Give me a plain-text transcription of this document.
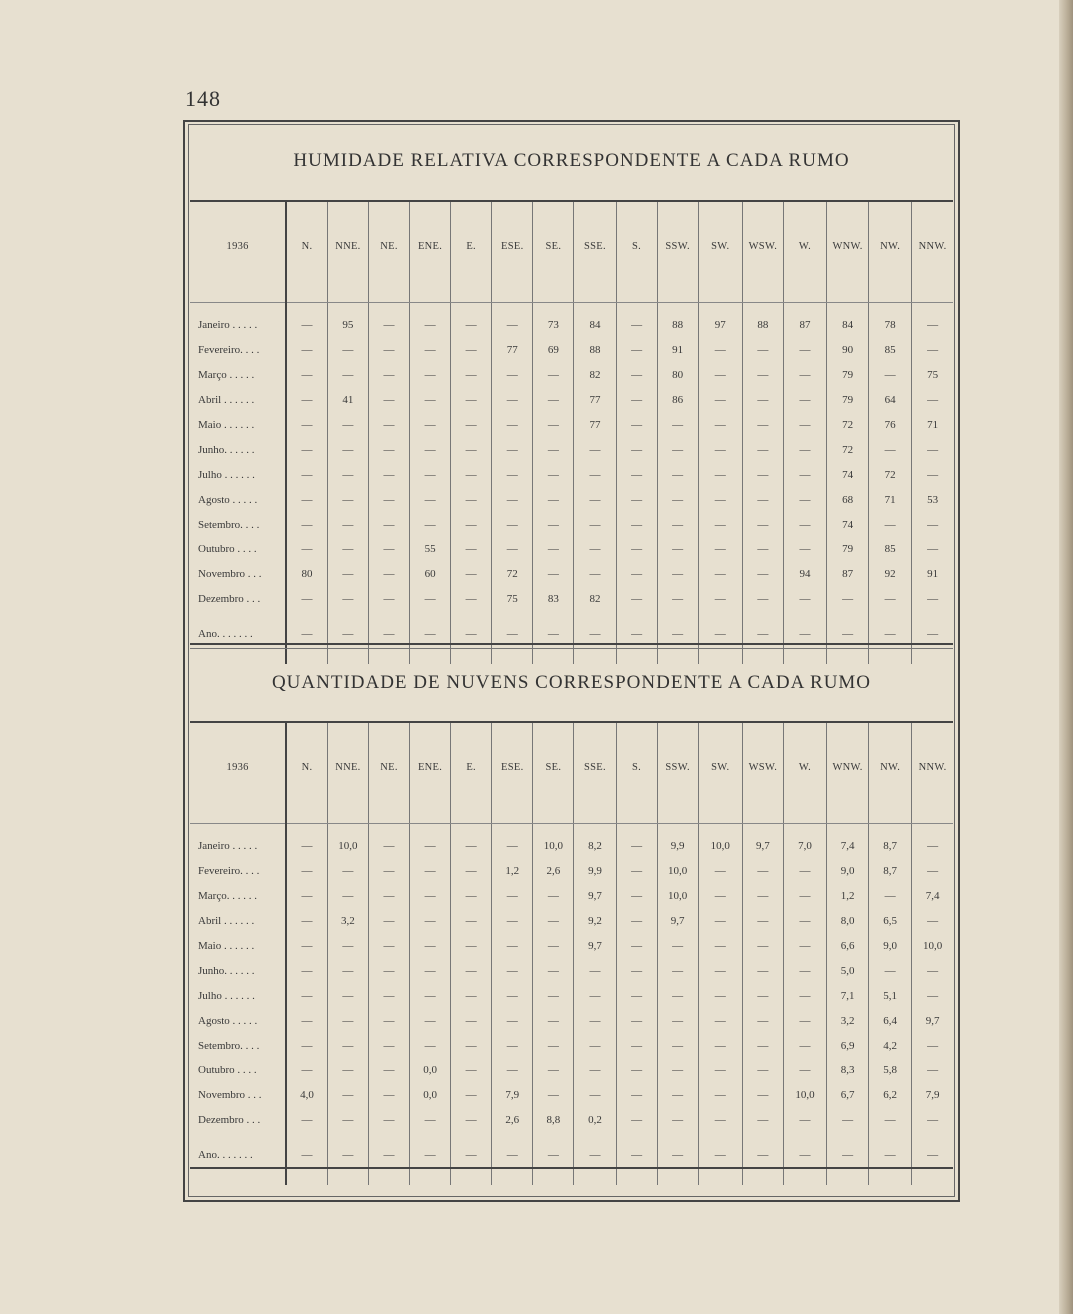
148
HUMIDADE RELATIVA CORRESPONDENTE A CADA RUMO
1936	N.	NNE.	NE.	ENE.	E.	ESE.	SE.	SSE.	S.	SSW.	SW.	WSW.	W.	WNW.	NW.	NNW.

Janeiro . . . . .	—	95	—	—	—	—	73	84	—	88	97	88	87	84	78	—
Fevereiro. . . .	—	—	—	—	—	77	69	88	—	91	—	—	—	90	85	—
Março . . . . .	—	—	—	—	—	—	—	82	—	80	—	—	—	79	—	75
Abril . . . . . .	—	41	—	—	—	—	—	77	—	86	—	—	—	79	64	—
Maio . . . . . .	—	—	—	—	—	—	—	77	—	—	—	—	—	72	76	71
Junho. . . . . .	—	—	—	—	—	—	—	—	—	—	—	—	—	72	—	—
Julho . . . . . .	—	—	—	—	—	—	—	—	—	—	—	—	—	74	72	—
Agosto . . . . .	—	—	—	—	—	—	—	—	—	—	—	—	—	68	71	53
Setembro. . . .	—	—	—	—	—	—	—	—	—	—	—	—	—	74	—	—
Outubro . . . .	—	—	—	55	—	—	—	—	—	—	—	—	—	79	85	—
Novembro . . .	80	—	—	60	—	72	—	—	—	—	—	—	94	87	92	91
Dezembro . . .	—	—	—	—	—	75	83	82	—	—	—	—	—	—	—	—
Ano. . . . . . .	—	—	—	—	—	—	—	—	—	—	—	—	—	—	—	—

QUANTIDADE DE NUVENS CORRESPONDENTE A CADA RUMO
1936	N.	NNE.	NE.	ENE.	E.	ESE.	SE.	SSE.	S.	SSW.	SW.	WSW.	W.	WNW.	NW.	NNW.

Janeiro . . . . .	—	10,0	—	—	—	—	10,0	8,2	—	9,9	10,0	9,7	7,0	7,4	8,7	—
Fevereiro. . . .	—	—	—	—	—	1,2	2,6	9,9	—	10,0	—	—	—	9,0	8,7	—
Março. . . . . .	—	—	—	—	—	—	—	9,7	—	10,0	—	—	—	1,2	—	7,4
Abril . . . . . .	—	3,2	—	—	—	—	—	9,2	—	9,7	—	—	—	8,0	6,5	—
Maio . . . . . .	—	—	—	—	—	—	—	9,7	—	—	—	—	—	6,6	9,0	10,0
Junho. . . . . .	—	—	—	—	—	—	—	—	—	—	—	—	—	5,0	—	—
Julho . . . . . .	—	—	—	—	—	—	—	—	—	—	—	—	—	7,1	5,1	—
Agosto . . . . .	—	—	—	—	—	—	—	—	—	—	—	—	—	3,2	6,4	9,7
Setembro. . . .	—	—	—	—	—	—	—	—	—	—	—	—	—	6,9	4,2	—
Outubro . . . .	—	—	—	0,0	—	—	—	—	—	—	—	—	—	8,3	5,8	—
Novembro . . .	4,0	—	—	0,0	—	7,9	—	—	—	—	—	—	10,0	6,7	6,2	7,9
Dezembro . . .	—	—	—	—	—	2,6	8,8	0,2	—	—	—	—	—	—	—	—
Ano. . . . . . .	—	—	—	—	—	—	—	—	—	—	—	—	—	—	—	—
